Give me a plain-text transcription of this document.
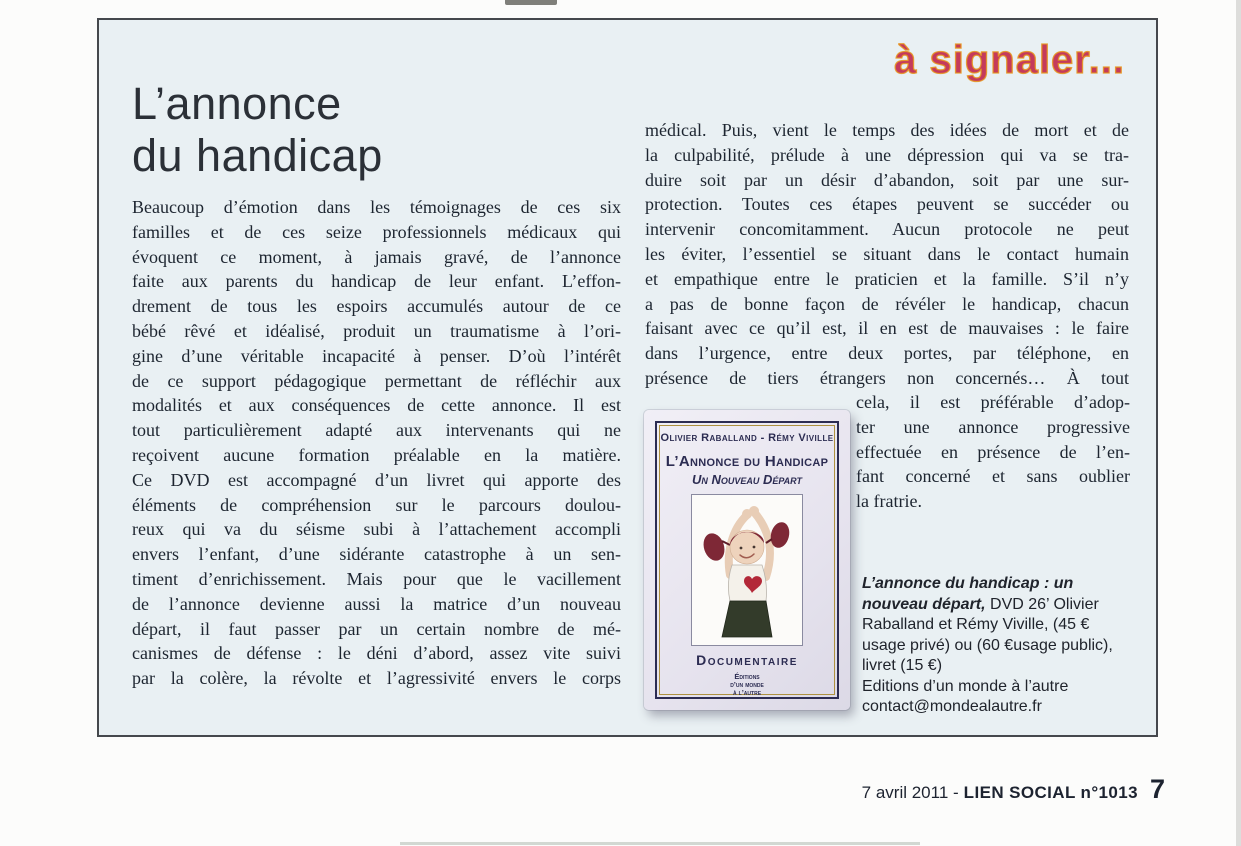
à signaler...
L’annonce
du handicap
Beaucoup d’émotion dans les témoignages de ces six
familles et de ces seize professionnels médicaux qui
évoquent ce moment, à jamais gravé, de l’annonce
faite aux parents du handicap de leur enfant. L’effon-
drement de tous les espoirs accumulés autour de ce
bébé rêvé et idéalisé, produit un traumatisme à l’ori-
gine d’une véritable incapacité à penser. D’où l’intérêt
de ce support pédagogique permettant de réfléchir aux
modalités et aux conséquences de cette annonce. Il est
tout particulièrement adapté aux intervenants qui ne
reçoivent aucune formation préalable en la matière.
Ce DVD est accompagné d’un livret qui apporte des
éléments de compréhension sur le parcours doulou-
reux qui va du séisme subi à l’attachement accompli
envers l’enfant, d’une sidérante catastrophe à un sen-
timent d’enrichissement. Mais pour que le vacillement
de l’annonce devienne aussi la matrice d’un nouveau
départ, il faut passer par un certain nombre de mé-
canismes de défense : le déni d’abord, assez vite suivi
par la colère, la révolte et l’agressivité envers le corps
médical. Puis, vient le temps des idées de mort et de
la culpabilité, prélude à une dépression qui va se tra-
duire soit par un désir d’abandon, soit par une sur-
protection. Toutes ces étapes peuvent se succéder ou
intervenir concomitamment. Aucun protocole ne peut
les éviter, l’essentiel se situant dans le contact humain
et empathique entre le praticien et la famille. S’il n’y
a pas de bonne façon de révéler le handicap, chacun
faisant avec ce qu’il est, il en est de mauvaises : le faire
dans l’urgence, entre deux portes, par téléphone, en
présence de tiers étrangers non concernés… À tout
cela, il est préférable d’adop-
ter une annonce progressive
effectuée en présence de l’en-
fant concerné et sans oublier
la fratrie.
Olivier Raballand - Rémy Viville
L’Annonce du Handicap
Un Nouveau Départ
Documentaire
Éditions
d’un monde
à l’autre
L’annonce du handicap : un nouveau départ, DVD 26’ Olivier Raballand et Rémy Viville, (45 € usage privé) ou (60 €usage public), livret (15 €)
Editions d’un monde à l’autre
contact@mondealautre.fr
7 avril 2011 - LIEN SOCIAL n°1013 7
